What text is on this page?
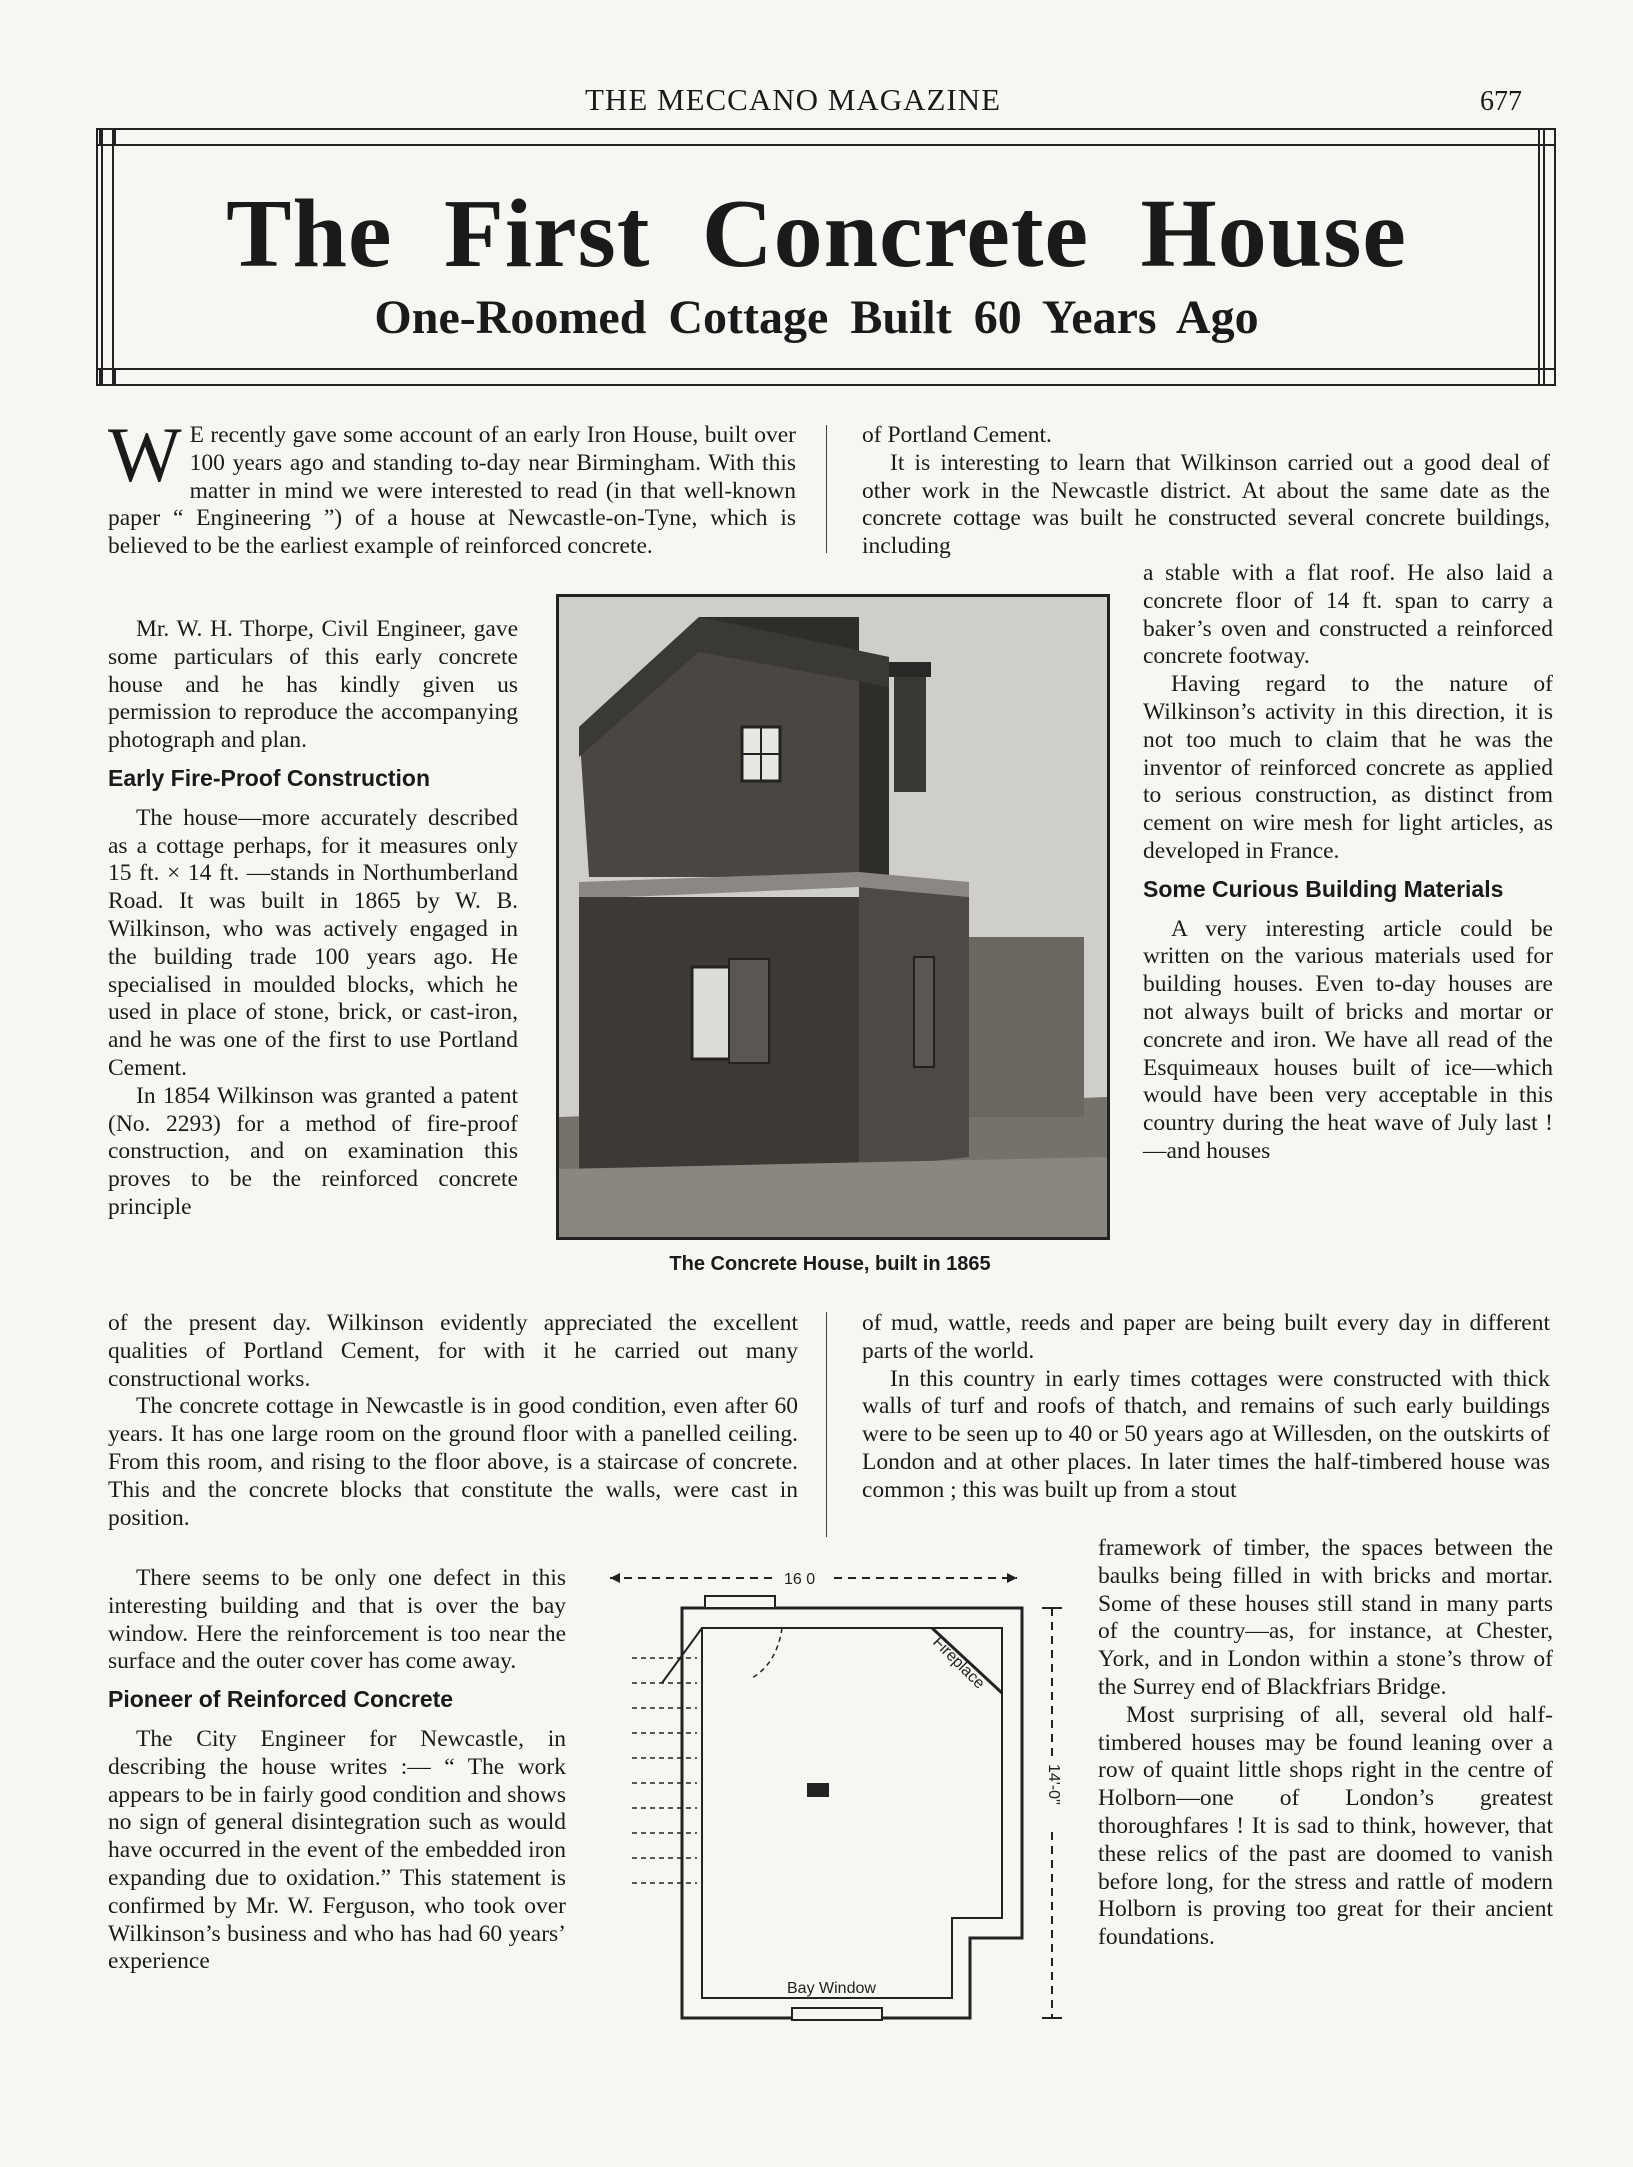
THE MECCANO MAGAZINE	677
The First Concrete House
One-Roomed Cottage Built 60 Years Ago
W E recently gave some account of an early Iron House, built over 100 years ago and standing to-day near Birmingham. With this matter in mind we were interested to read (in that well-known paper “ Engineering ”) of a house at Newcastle-on-Tyne, which is believed to be the earliest example of reinforced concrete.

Mr. W. H. Thorpe, Civil Engineer, gave some particulars of this early concrete house and he has kindly given us permission to reproduce the accompanying photograph and plan.

Early Fire-Proof Construction

The house—more accurately described as a cottage perhaps, for it measures only 15 ft. × 14 ft. —stands in Northumberland Road. It was built in 1865 by W. B. Wilkinson, who was actively engaged in the building trade 100 years ago. He specialised in moulded blocks, which he used in place of stone, brick, or cast-iron, and he was one of the first to use Portland Cement.

In 1854 Wilkinson was granted a patent (No. 2293) for a method of fire-proof construction, and on examination this proves to be the reinforced concrete principle

of the present day. Wilkinson evidently appreciated the excellent qualities of Portland Cement, for with it he carried out many constructional works.

The concrete cottage in Newcastle is in good condition, even after 60 years. It has one large room on the ground floor with a panelled ceiling. From this room, and rising to the floor above, is a staircase of concrete. This and the concrete blocks that constitute the walls, were cast in position.

There seems to be only one defect in this interesting building and that is over the bay window. Here the reinforcement is too near the surface and the outer cover has come away.

Pioneer of Reinforced Concrete

The City Engineer for Newcastle, in describing the house writes :— “ The work appears to be in fairly good condition and shows no sign of general disintegration such as would have occurred in the event of the embedded iron expanding due to oxidation.” This statement is confirmed by Mr. W. Ferguson, who took over Wilkinson’s business and who has had 60 years’ experience

of Portland Cement.

It is interesting to learn that Wilkinson carried out a good deal of other work in the Newcastle district. At about the same date as the concrete cottage was built he constructed several concrete buildings, including

of mud, wattle, reeds and paper are being built every day in different parts of the world.

In this country in early times cottages were constructed with thick walls of turf and roofs of thatch, and remains of such early buildings were to be seen up to 40 or 50 years ago at Willesden, on the outskirts of London and at other places. In later times the half-timbered house was common ; this was built up from a stout

a stable with a flat roof. He also laid a concrete floor of 14 ft. span to carry a baker’s oven and constructed a reinforced concrete footway.

Having regard to the nature of Wilkinson’s activity in this direction, it is not too much to claim that he was the inventor of reinforced concrete as applied to serious construction, as distinct from cement on wire mesh for light articles, as developed in France.

Some Curious Building Materials

A very interesting article could be written on the various materials used for building houses. Even to-day houses are not always built of bricks and mortar or concrete and iron. We have all read of the Esquimeaux houses built of ice—which would have been very acceptable in this country during the heat wave of July last !—and houses

framework of timber, the spaces between the baulks being filled in with bricks and mortar. Some of these houses still stand in many parts of the country—as, for instance, at Chester, York, and in London within a stone’s throw of the Surrey end of Blackfriars Bridge.

Most surprising of all, several old half-timbered houses may be found leaning over a row of quaint little shops right in the centre of Holborn—one of London’s greatest thoroughfares ! It is sad to think, however, that these relics of the past are doomed to vanish before long, for the stress and rattle of modern Holborn is proving too great for their ancient foundations.

The Concrete House, built in 1865
16 0
14'-0"
Fireplace
Bay Window
